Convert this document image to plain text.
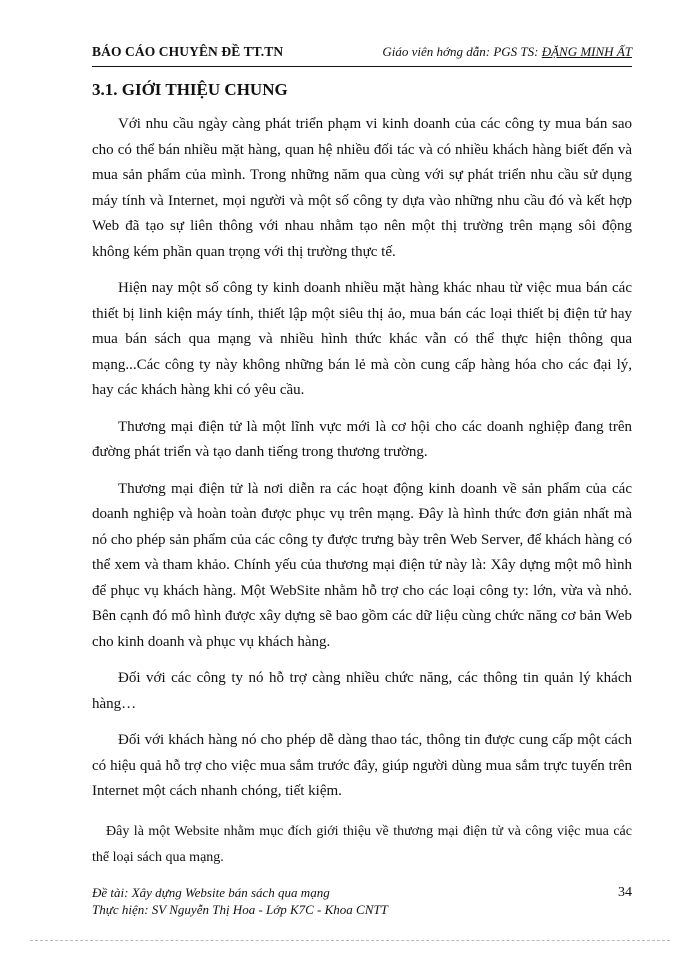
BÁO CÁO CHUYÊN ĐỀ TT.TN	Giáo viên hớng dẫn: PGS TS: ĐẶNG MINH ẤT
3.1. GIỚI THIỆU CHUNG

Với nhu cầu ngày càng phát triển phạm vi kinh doanh của các công ty mua bán sao cho có thể bán nhiều mặt hàng, quan hệ nhiều đối tác và có nhiều khách hàng biết đến và mua sản phẩm của mình. Trong những năm qua cùng với sự phát triển nhu cầu sử dụng máy tính và Internet, mọi người và một số công ty dựa vào những nhu cầu đó và kết hợp Web đã tạo sự liên thông với nhau nhằm tạo nên một thị trường trên mạng sôi động không kém phần quan trọng với thị trường thực tế.

Hiện nay một số công ty kinh doanh nhiều mặt hàng khác nhau từ việc mua bán các thiết bị linh kiện máy tính, thiết lập một siêu thị ảo, mua bán các loại thiết bị điện tử hay mua bán sách qua mạng và nhiều hình thức khác vẫn có thể thực hiện thông qua mạng...Các công ty này không những bán lẻ mà còn cung cấp hàng hóa cho các đại lý, hay các khách hàng khi có yêu cầu.

Thương mại điện tử là một lĩnh vực mới là cơ hội cho các doanh nghiệp đang trên đường phát triển và tạo danh tiếng trong thương trường.

Thương mại điện tử là nơi diễn ra các hoạt động kinh doanh về sản phẩm của các doanh nghiệp và hoàn toàn được phục vụ trên mạng. Đây là hình thức đơn giản nhất mà nó cho phép sản phẩm của các công ty được trưng bày trên Web Server, để khách hàng có thể xem và tham khảo. Chính yếu của thương mại điện tử này là: Xây dựng một mô hình để phục vụ khách hàng. Một WebSite nhằm hỗ trợ cho các loại công ty: lớn, vừa và nhỏ. Bên cạnh đó mô hình được xây dựng sẽ bao gồm các dữ liệu cùng chức năng cơ bản Web cho kinh doanh và phục vụ khách hàng.

Đối với các công ty nó hỗ trợ càng nhiều chức năng, các thông tin quản lý khách hàng…

Đối với khách hàng nó cho phép dễ dàng thao tác, thông tin được cung cấp một cách có hiệu quả hỗ trợ cho việc mua sắm trước đây, giúp người dùng mua sắm trực tuyến trên Internet một cách nhanh chóng, tiết kiệm.

Đây là một Website nhằm mục đích giới thiệu về thương mại điện tử và công việc mua các thể loại sách qua mạng.

Đề tài: Xây dựng Website bán sách qua mạng
Thực hiện: SV Nguyễn Thị Hoa - Lớp K7C - Khoa CNTT
34
